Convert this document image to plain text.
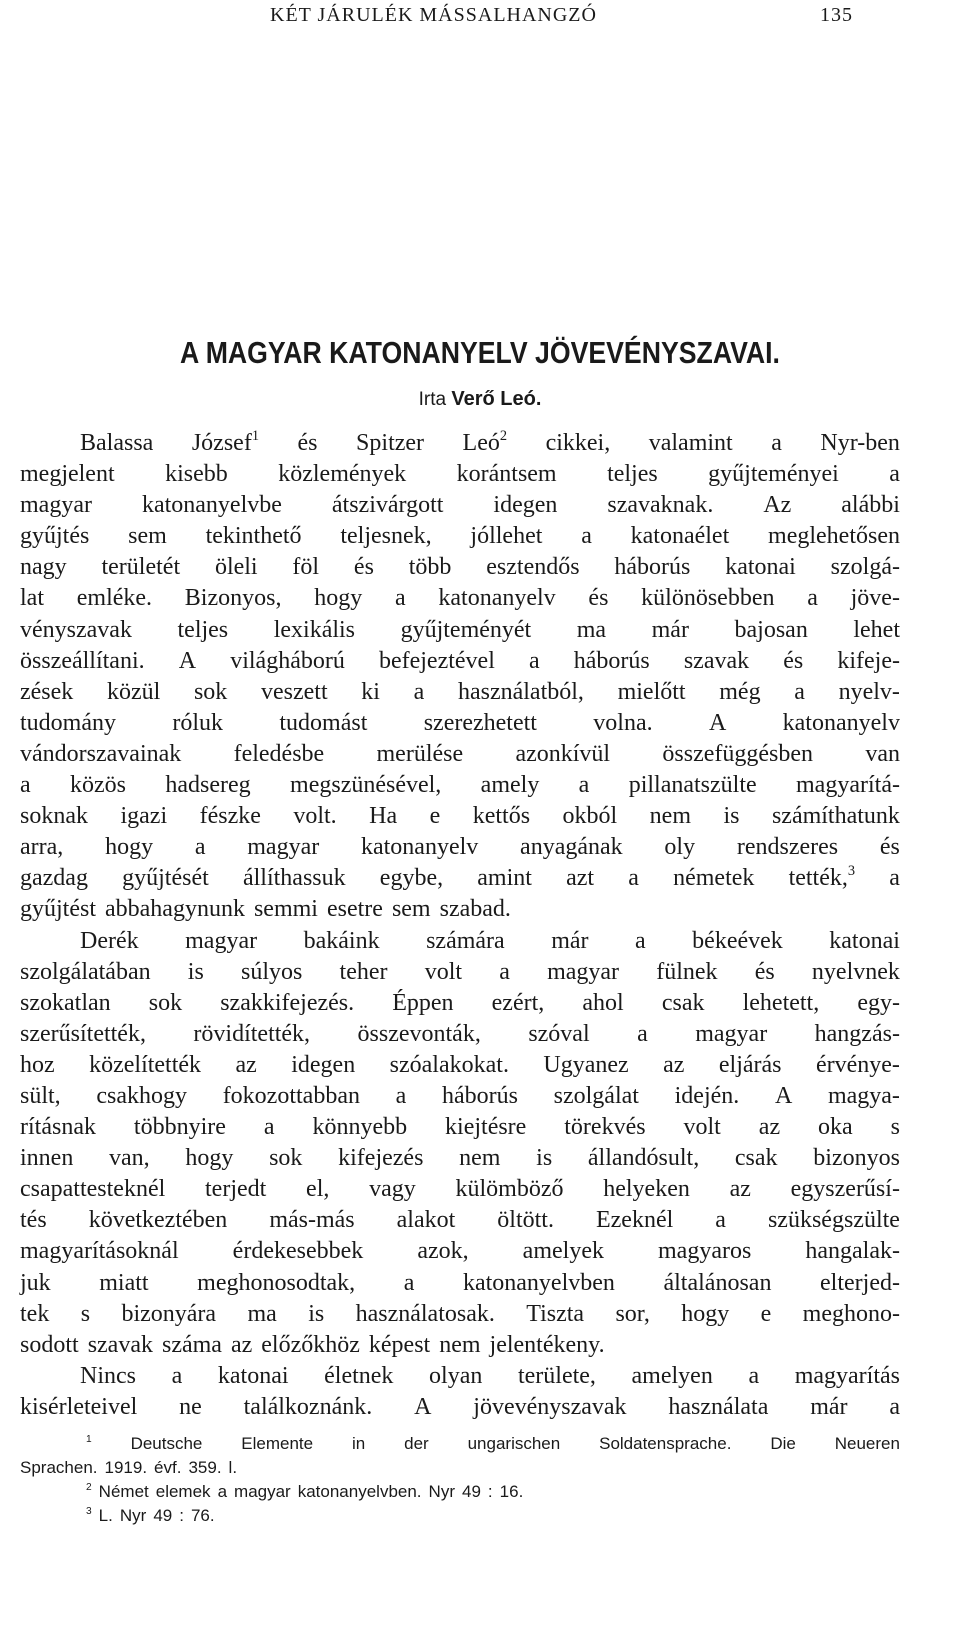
KÉT JÁRULÉK MÁSSALHANGZÓ	135
A MAGYAR KATONANYELV JÖVEVÉNYSZAVAI.
Irta Verő Leó.
Balassa József$^1$ és Spitzer Leó$^2$ cikkei, valamint a Nyr-ben
megjelent kisebb közlemények korántsem teljes gyűjteményei a
magyar katonanyelvbe átszivárgott idegen szavaknak. Az alábbi
gyűjtés sem tekinthető teljesnek, jóllehet a katonaélet meglehetősen
nagy területét öleli föl és több esztendős háborús katonai szolgá-
lat emléke. Bizonyos, hogy a katonanyelv és különösebben a jöve-
vényszavak teljes lexikális gyűjteményét ma már bajosan lehet
összeállítani. A világháború befejeztével a háborús szavak és kifeje-
zések közül sok veszett ki a használatból, mielőtt még a nyelv-
tudomány róluk tudomást szerezhetett volna. A katonanyelv
vándorszavainak feledésbe merülése azonkívül összefüggésben van
a közös hadsereg megszünésével, amely a pillanatszülte magyarítá-
soknak igazi fészke volt. Ha e kettős okból nem is számíthatunk
arra, hogy a magyar katonanyelv anyagának oly rendszeres és
gazdag gyűjtését állíthassuk egybe, amint azt a németek tették,$^3$ a
gyűjtést abbahagynunk semmi esetre sem szabad.
Derék magyar bakáink számára már a békeévek katonai
szolgálatában is súlyos teher volt a magyar fülnek és nyelvnek
szokatlan sok szakkifejezés. Éppen ezért, ahol csak lehetett, egy-
szerűsítették, rövidítették, összevonták, szóval a magyar hangzás-
hoz közelítették az idegen szóalakokat. Ugyanez az eljárás érvénye-
sült, csakhogy fokozottabban a háborús szolgálat idején. A magya-
rításnak többnyire a könnyebb kiejtésre törekvés volt az oka s
innen van, hogy sok kifejezés nem is állandósult, csak bizonyos
csapattesteknél terjedt el, vagy külömböző helyeken az egyszerűsí-
tés következtében más-más alakot öltött. Ezeknél a szükségszülte
magyarításoknál érdekesebbek azok, amelyek magyaros hangalak-
juk miatt meghonosodtak, a katonanyelvben általánosan elterjed-
tek s bizonyára ma is használatosak. Tiszta sor, hogy e meghono-
sodott szavak száma az előzőkhöz képest nem jelentékeny.
Nincs a katonai életnek olyan területe, amelyen a magyarítás
kisérleteivel ne találkoznánk. A jövevényszavak használata már a
$^1$ Deutsche Elemente in der ungarischen Soldatensprache. Die Neueren
Sprachen. 1919. évf. 359. l.
$^2$ Német elemek a magyar katonanyelvben. Nyr 49 : 16.
$^3$ L. Nyr 49 : 76.
